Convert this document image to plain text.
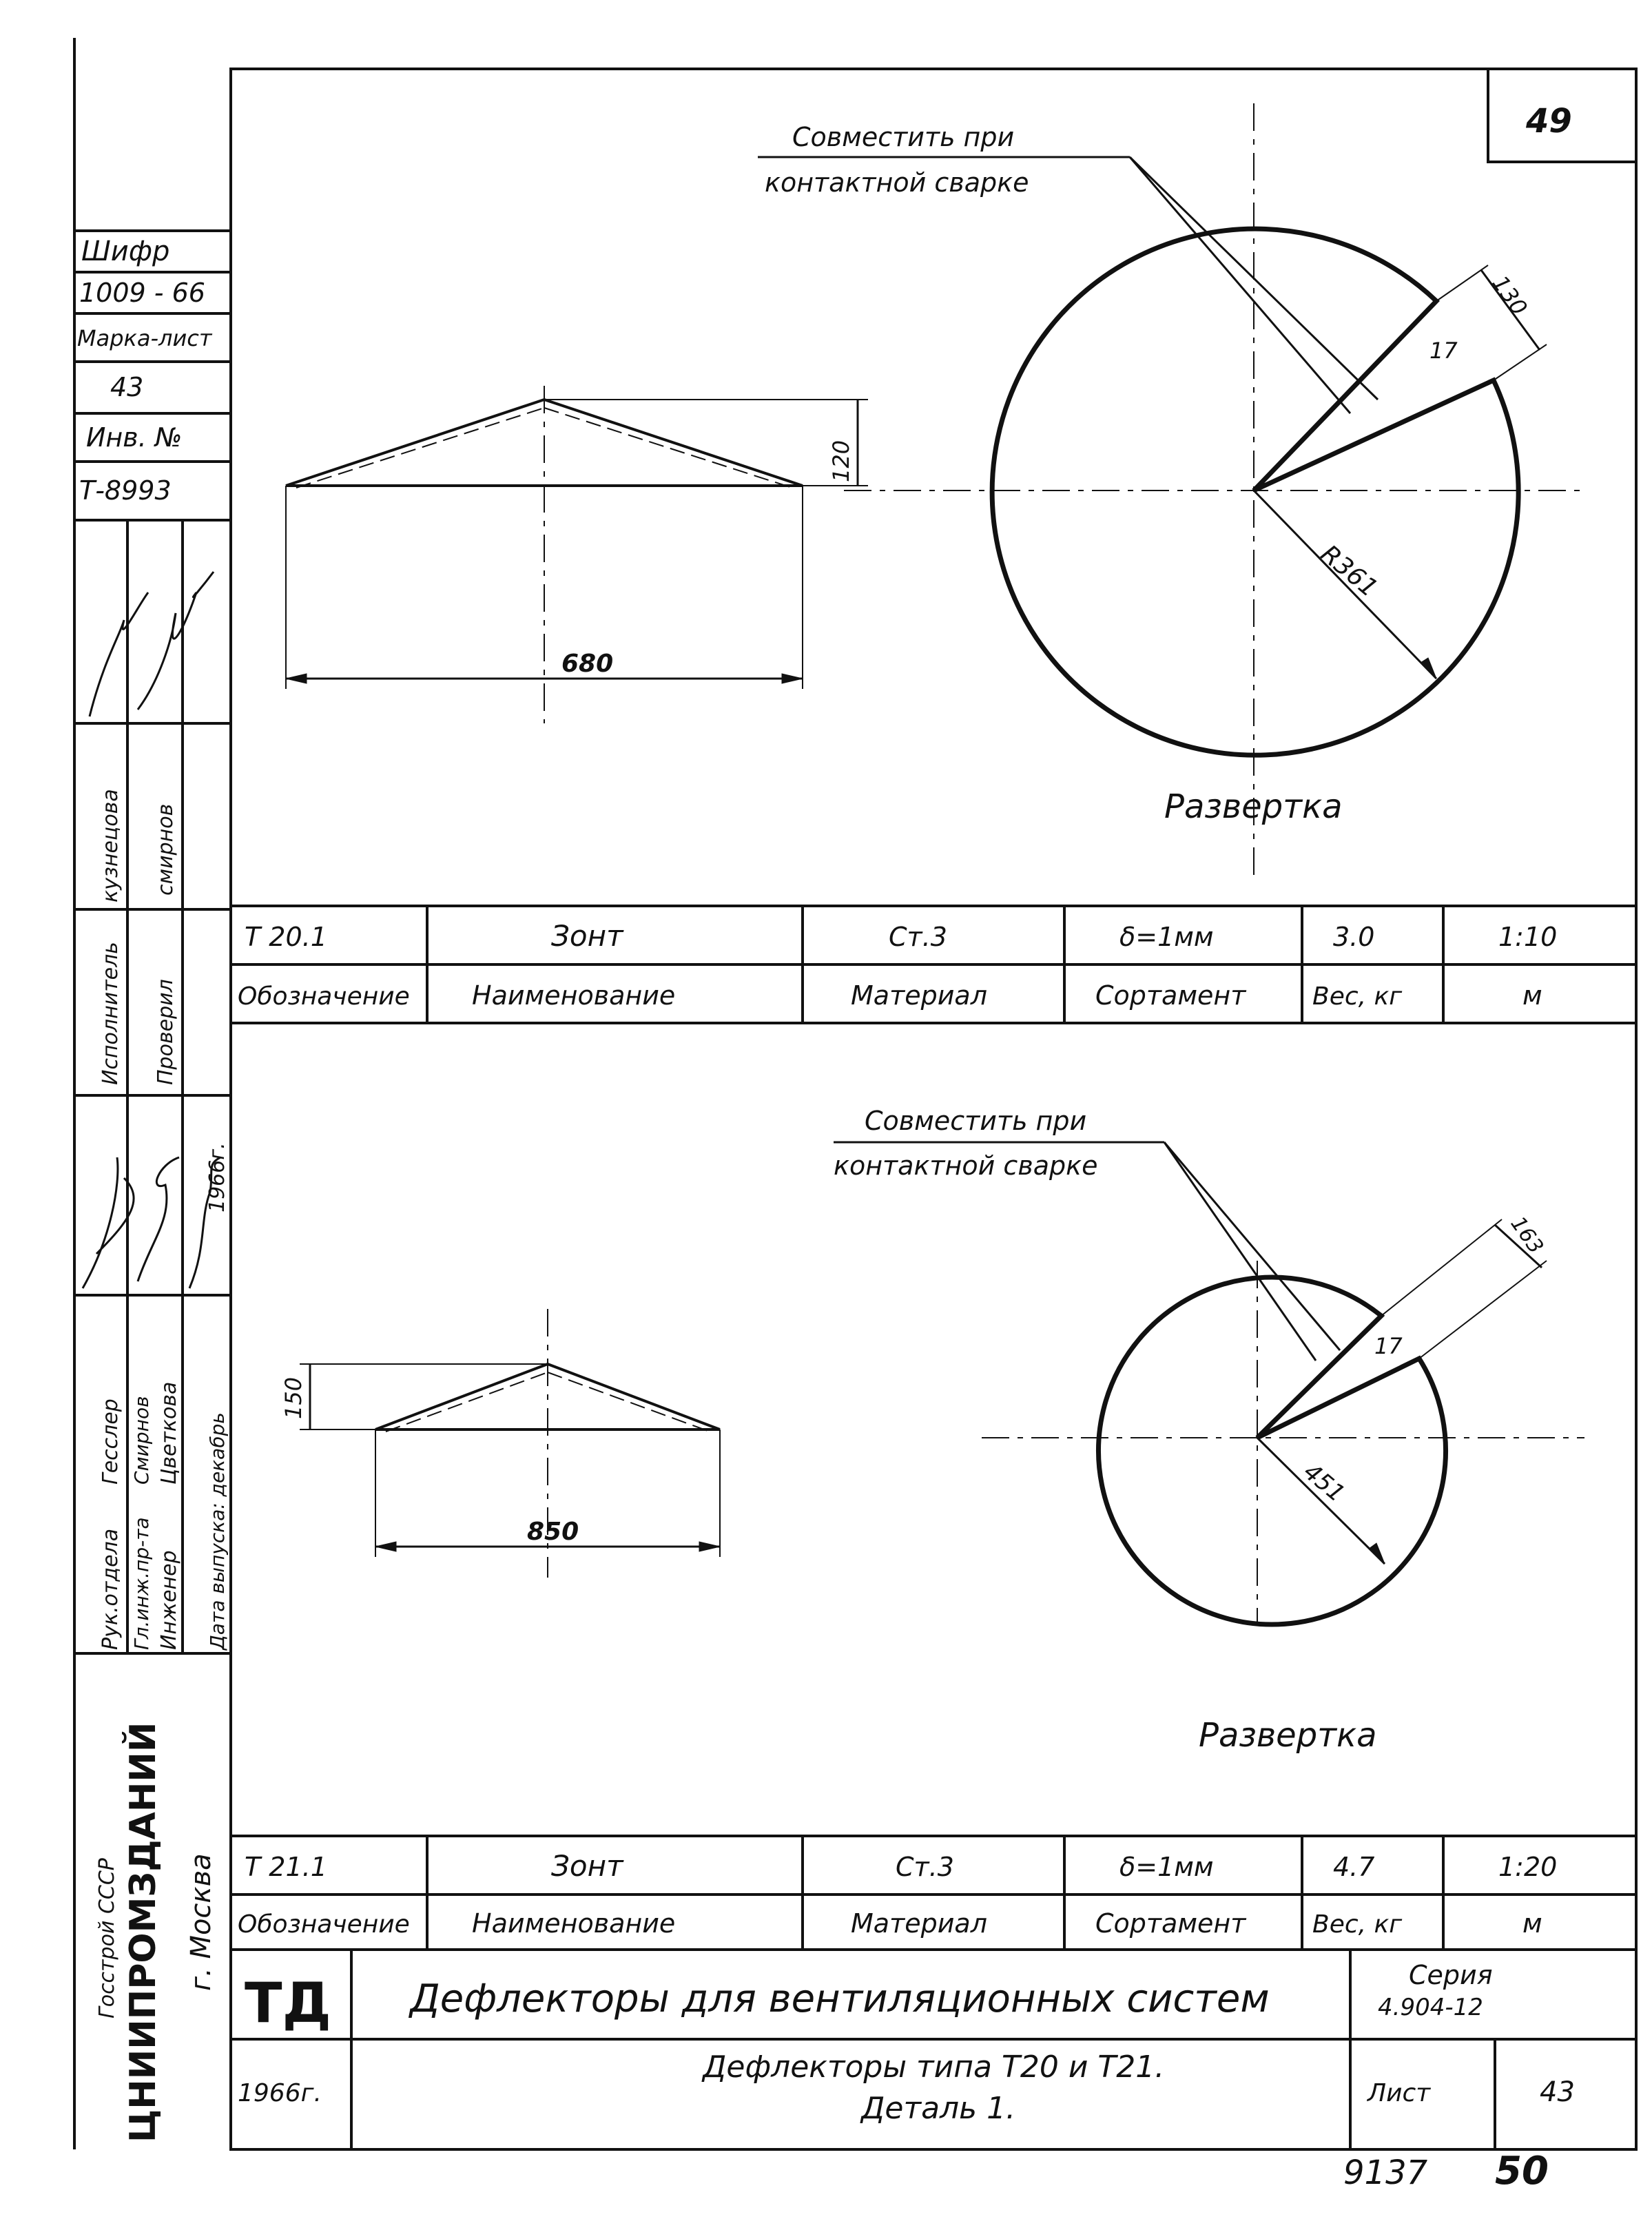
Совместить при
контактной сварке
120
680
R361
130
17
Развертка
Совместить при
контактной сварке
150
850
451
163
17
Развертка
49
9137 50
Т 20.1	Зонт	Ст.3	δ=1мм	3.0	1:10
Обозначение Наименование	Материал	Сортамент	Вес, кг	м
Т 21.1	Зонт	Ст.3	δ=1мм	4.7	1:20
Обозначение Наименование	Материал	Сортамент	Вес, кг	м
ТД Дефлекторы для вентиляционных систем
Серия
4.904-12
1966г.
Дефлекторы типа Т20 и Т21.
Деталь 1.	Лист	43
Шифр
1009 - 66
Марка-лист
43
Инв. №
Т-8993
Исполнитель Проверил
кузнецова смирнов
Рук.отдела Гл.инж.пр-та Инженер
Гесслер Смирнов Цветкова Дата выпуска: декабрь
1966г.
Госстрой СССР ЦНИИПРОМЗДАНИЙ г. Москва
